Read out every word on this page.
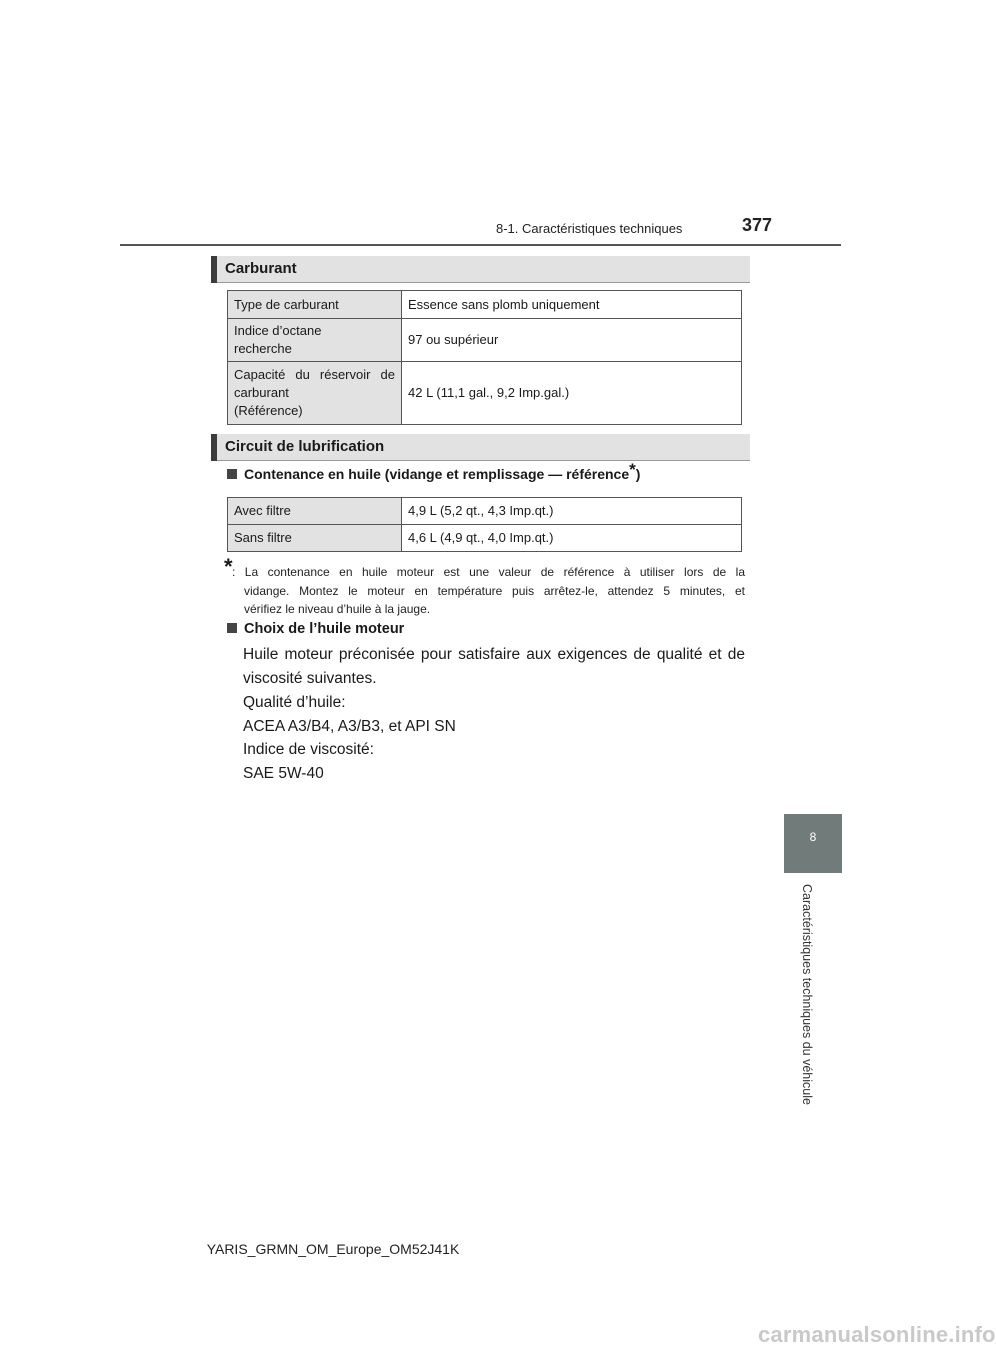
8-1. Caractéristiques techniques	377
Carburant
Type de carburant	Essence sans plomb uniquement

Indice d’octane
recherche	97 ou supérieur

Capacité du réservoir de
carburant
(Référence)	42 L (11,1 gal., 9,2 Imp.gal.)
Circuit de lubrification
Contenance en huile (vidange et remplissage — référence*)
Avec filtre	4,9 L (5,2 qt., 4,3 Imp.qt.)
Sans filtre	4,6 L (4,9 qt., 4,0 Imp.qt.)
* : La contenance en huile moteur est une valeur de référence à utiliser lors de la
vidange. Montez le moteur en température puis arrêtez-le, attendez 5 minutes, et
vérifiez le niveau d’huile à la jauge.
Choix de l’huile moteur
Huile moteur préconisée pour satisfaire aux exigences de qualité et de
viscosité suivantes.
Qualité d’huile:
ACEA A3/B4, A3/B3, et API SN
Indice de viscosité:
SAE 5W-40
8
Caractéristiques techniques du véhicule
YARIS_GRMN_OM_Europe_OM52J41K
carmanualsonline.info
